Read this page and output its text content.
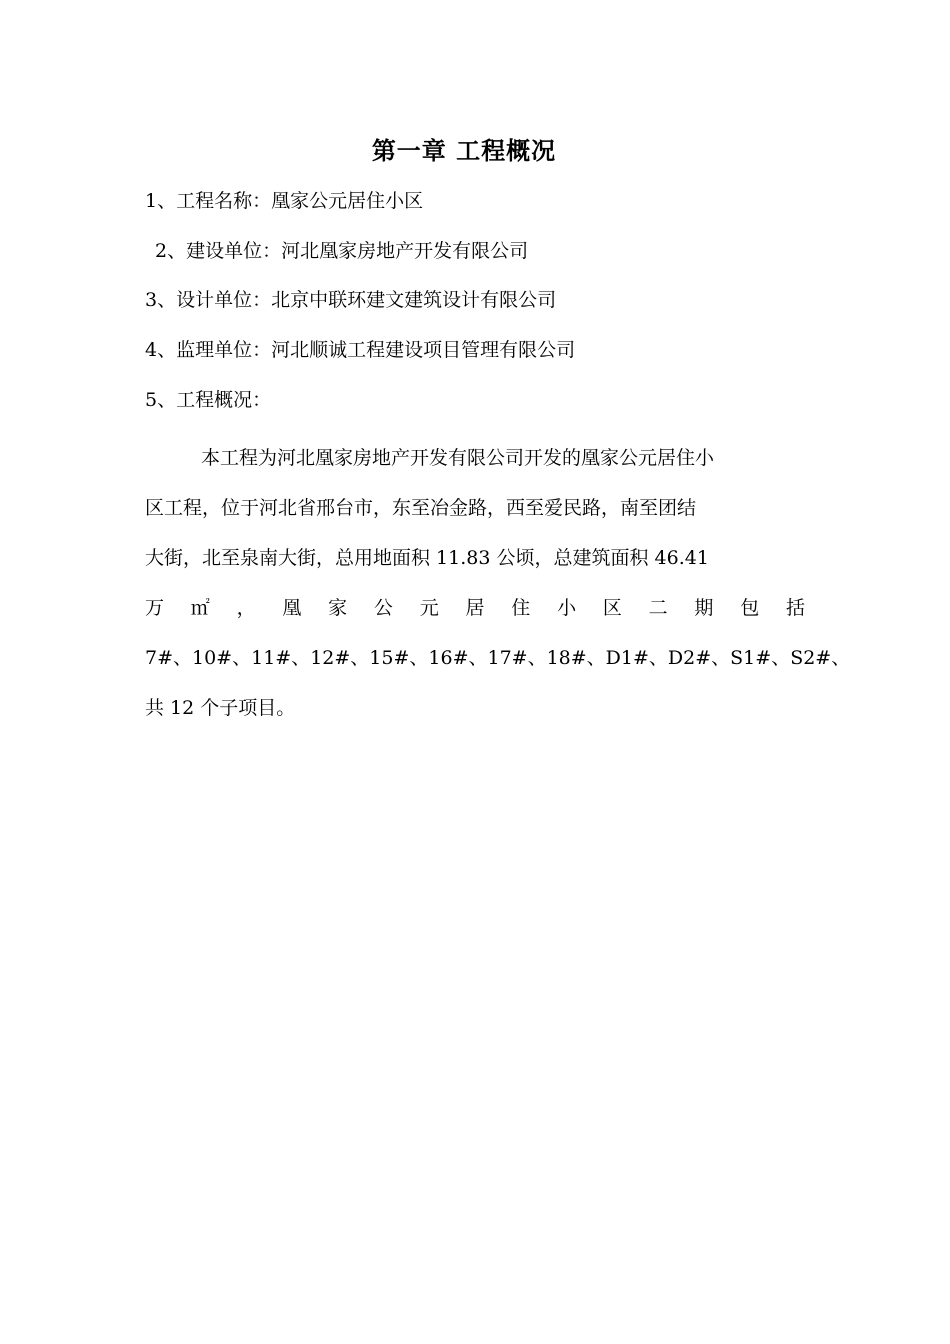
第一章 工程概况
1、工程名称：凰家公元居住小区
2、建设单位：河北凰家房地产开发有限公司
3、设计单位：北京中联环建文建筑设计有限公司
4、监理单位：河北顺诚工程建设项目管理有限公司
5、工程概况：
本工程为河北凰家房地产开发有限公司开发的凰家公元居住小
区工程，位于河北省邢台市，东至冶金路，西至爱民路，南至团结
大街，北至泉南大街，总用地面积 11.83 公顷，总建筑面积 46.41
万 ㎡ ， 凰 家 公 元 居 住 小 区 二 期 包 括
7#、10#、11#、12#、15#、16#、17#、18#、D1#、D2#、S1#、S2#、
共 12 个子项目。
